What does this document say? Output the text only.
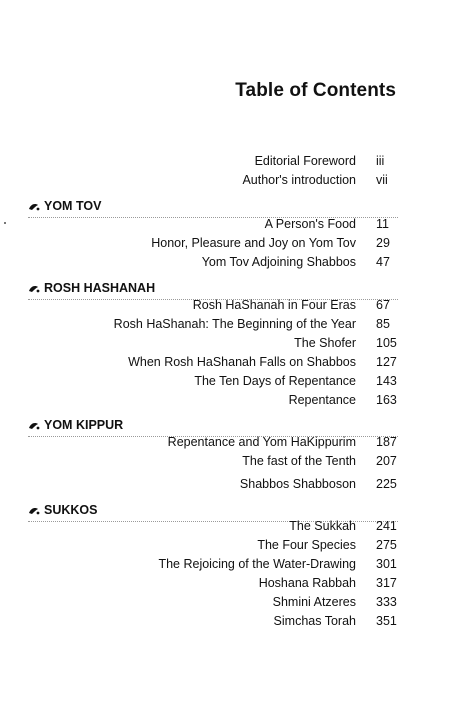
Table of Contents
Editorial Foreword iii
Author's introduction vii
YOM TOV
A Person's Food 11
Honor, Pleasure and Joy on Yom Tov 29
Yom Tov Adjoining Shabbos 47
ROSH HASHANAH
Rosh HaShanah in Four Eras 67
Rosh HaShanah: The Beginning of the Year 85
The Shofer 105
When Rosh HaShanah Falls on Shabbos 127
The Ten Days of Repentance 143
Repentance 163
YOM KIPPUR
Repentance and Yom HaKippurim 187
The fast of the Tenth 207
Shabbos Shabboson 225
SUKKOS
The Sukkah 241
The Four Species 275
The Rejoicing of the Water-Drawing 301
Hoshana Rabbah 317
Shmini Atzeres 333
Simchas Torah 351
